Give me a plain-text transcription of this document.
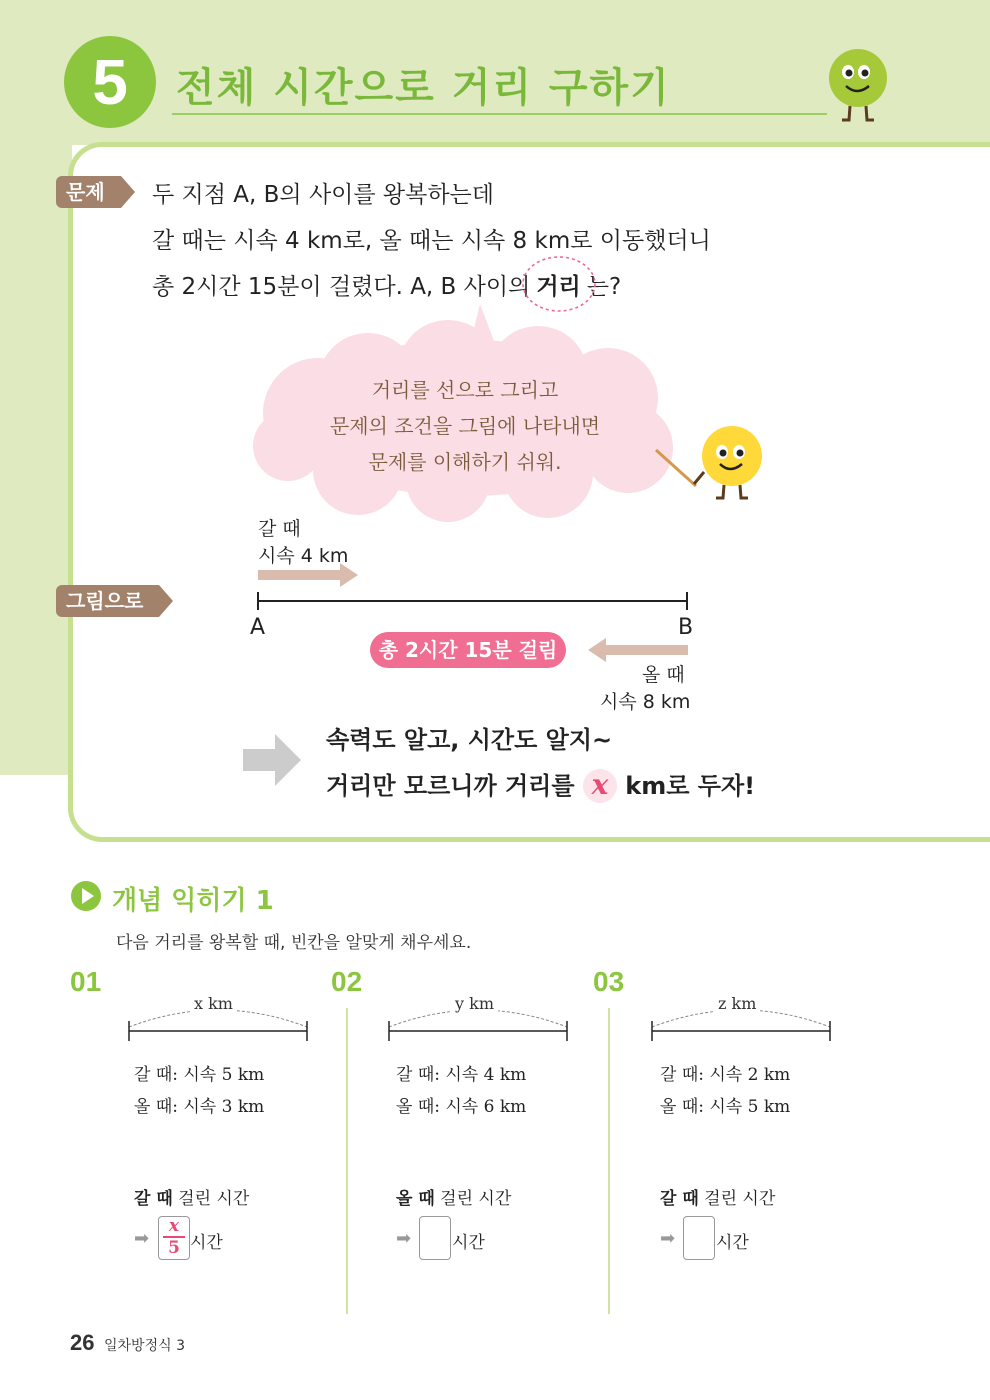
5	전체 시간으로 거리 구하기
문제	두 지점 A, B의 사이를 왕복하는데
갈 때는 시속 4 km로, 올 때는 시속 8 km로 이동했더니
총 2시간 15분이 걸렸다. A, B 사이의 거리 는?
거리를 선으로 그리고
문제의 조건을 그림에 나타내면
문제를 이해하기 쉬워.
그림으로
갈 때
시속 4 km
A	B
총 2시간 15분 걸림
올 때
시속 8 km
속력도 알고, 시간도 알지~
거리만 모르니까 거리를 x km로 두자!
개념 익히기 1
다음 거리를 왕복할 때, 빈칸을 알맞게 채우세요.
01
x km
갈 때: 시속 5 km
올 때: 시속 3 km
갈 때 걸린 시간
➡
x
5 시간
02
y km
갈 때: 시속 4 km
올 때: 시속 6 km
올 때 걸린 시간
➡ 시간
03
z km
갈 때: 시속 2 km
올 때: 시속 5 km
갈 때 걸린 시간
➡ 시간
26 일차방정식 3
